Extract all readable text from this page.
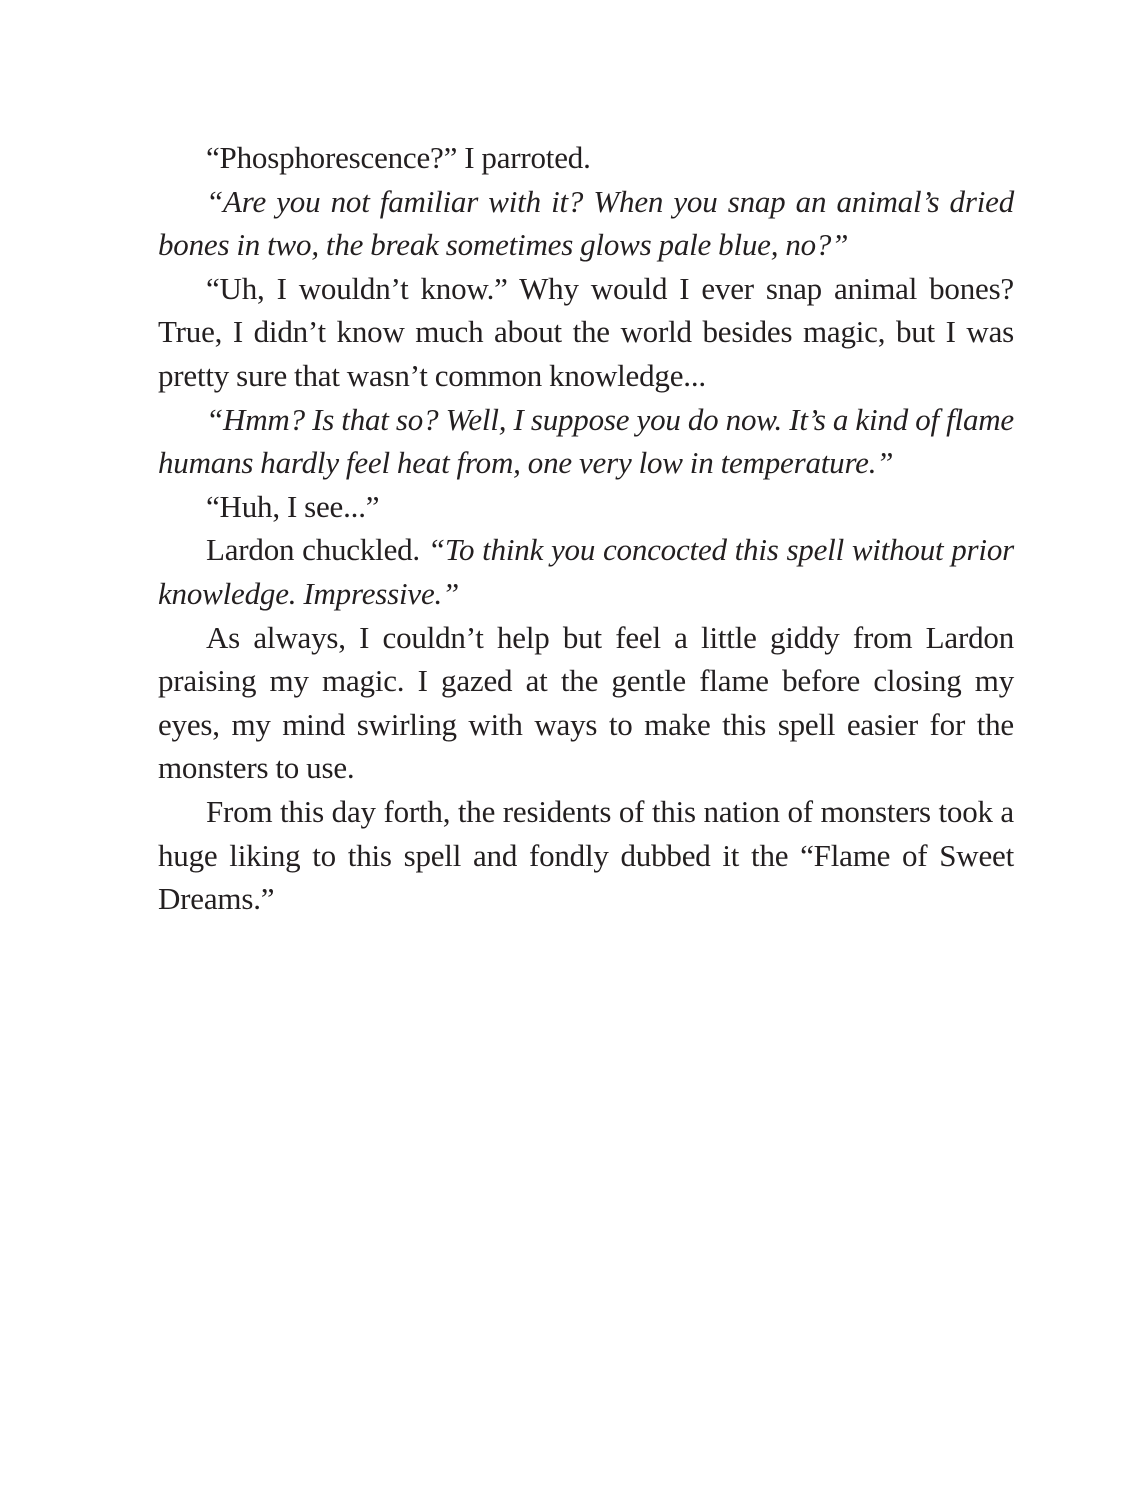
“Phosphorescence?” I parroted.

“Are you not familiar with it? When you snap an animal’s dried bones in two, the break sometimes glows pale blue, no?”

“Uh, I wouldn’t know.” Why would I ever snap animal bones? True, I didn’t know much about the world besides magic, but I was pretty sure that wasn’t common knowledge...

“Hmm? Is that so? Well, I suppose you do now. It’s a kind of flame humans hardly feel heat from, one very low in temperature.”

“Huh, I see...”

Lardon chuckled. “To think you concocted this spell without prior knowledge. Impressive.”

As always, I couldn’t help but feel a little giddy from Lardon praising my magic. I gazed at the gentle flame before closing my eyes, my mind swirling with ways to make this spell easier for the monsters to use.

From this day forth, the residents of this nation of monsters took a huge liking to this spell and fondly dubbed it the “Flame of Sweet Dreams.”
